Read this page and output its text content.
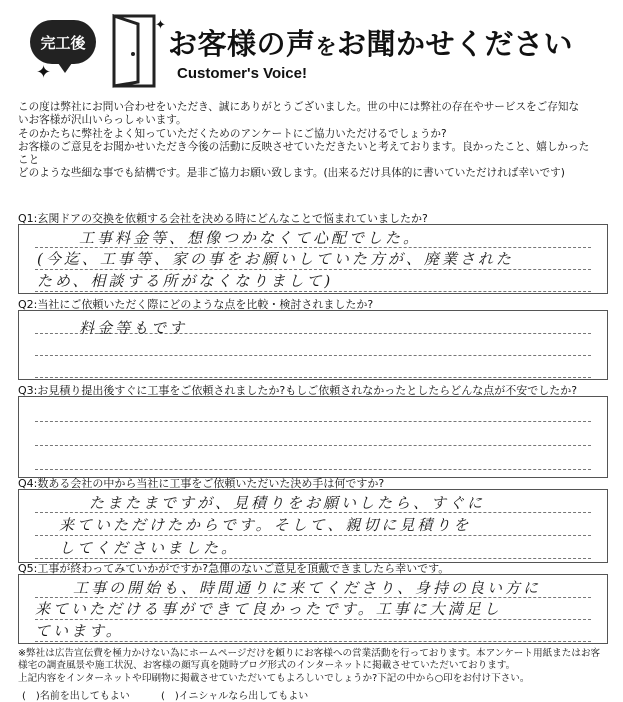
完工後
✦
✦
お客様の声をお聞かせください
Customer's Voice!

この度は弊社にお問い合わせをいただき、誠にありがとうございました。世の中には弊社の存在やサービスをご存知な

いお客様が沢山いらっしゃいます。

そのかたちに弊社をよく知っていただくためのアンケートにご協力いただけるでしょうか?

お客様のご意見をお聞かせいただき今後の活動に反映させていただきたいと考えております。良かったこと、嬉しかった

こと

どのような些細な事でも結構です。是非ご協力お願い致します。(出来るだけ具体的に書いていただければ幸いです)

Q1:玄関ドアの交換を依頼する会社を決める時にどんなことで悩まれていましたか?
工事料金等、想像つかなくて心配でした。
(今迄、工事等、家の事をお願いしていた方が、廃業された
ため、相談する所がなくなりまして)
Q2:当社にご依頼いただく際にどのような点を比較・検討されましたか?
料金等もです
Q3:お見積り提出後すぐに工事をご依頼されましたか?もしご依頼されなかったとしたらどんな点が不安でしたか?
Q4:数ある会社の中から当社に工事をご依頼いただいた決め手は何ですか?
たまたまですが、見積りをお願いしたら、すぐに
来ていただけたからです。そして、親切に見積りを
してくださいました。
Q5:工事が終わってみていかがですか?急僤のないご意見を頂戴できましたら幸いです。
工事の開始も、時間通りに来てくださり、身持の良い方に
来ていただける事ができて良かったです。工事に大満足し
ています。

※弊社は広告宣伝費を極力かけない為にホームページだけを頼りにお客様への営業活動を行っております。本アンケート用紙またはお客

様宅の調査風景や施工状況、お客様の顔写真を随時ブログ形式のインターネットに掲載させていただいております。

上記内容をインターネットや印刷物に掲載させていただいてもよろしいでしょうか?下記の中から○印をお付け下さい。

(　)名前を出してもよい	(　)イニシャルなら出してもよい
